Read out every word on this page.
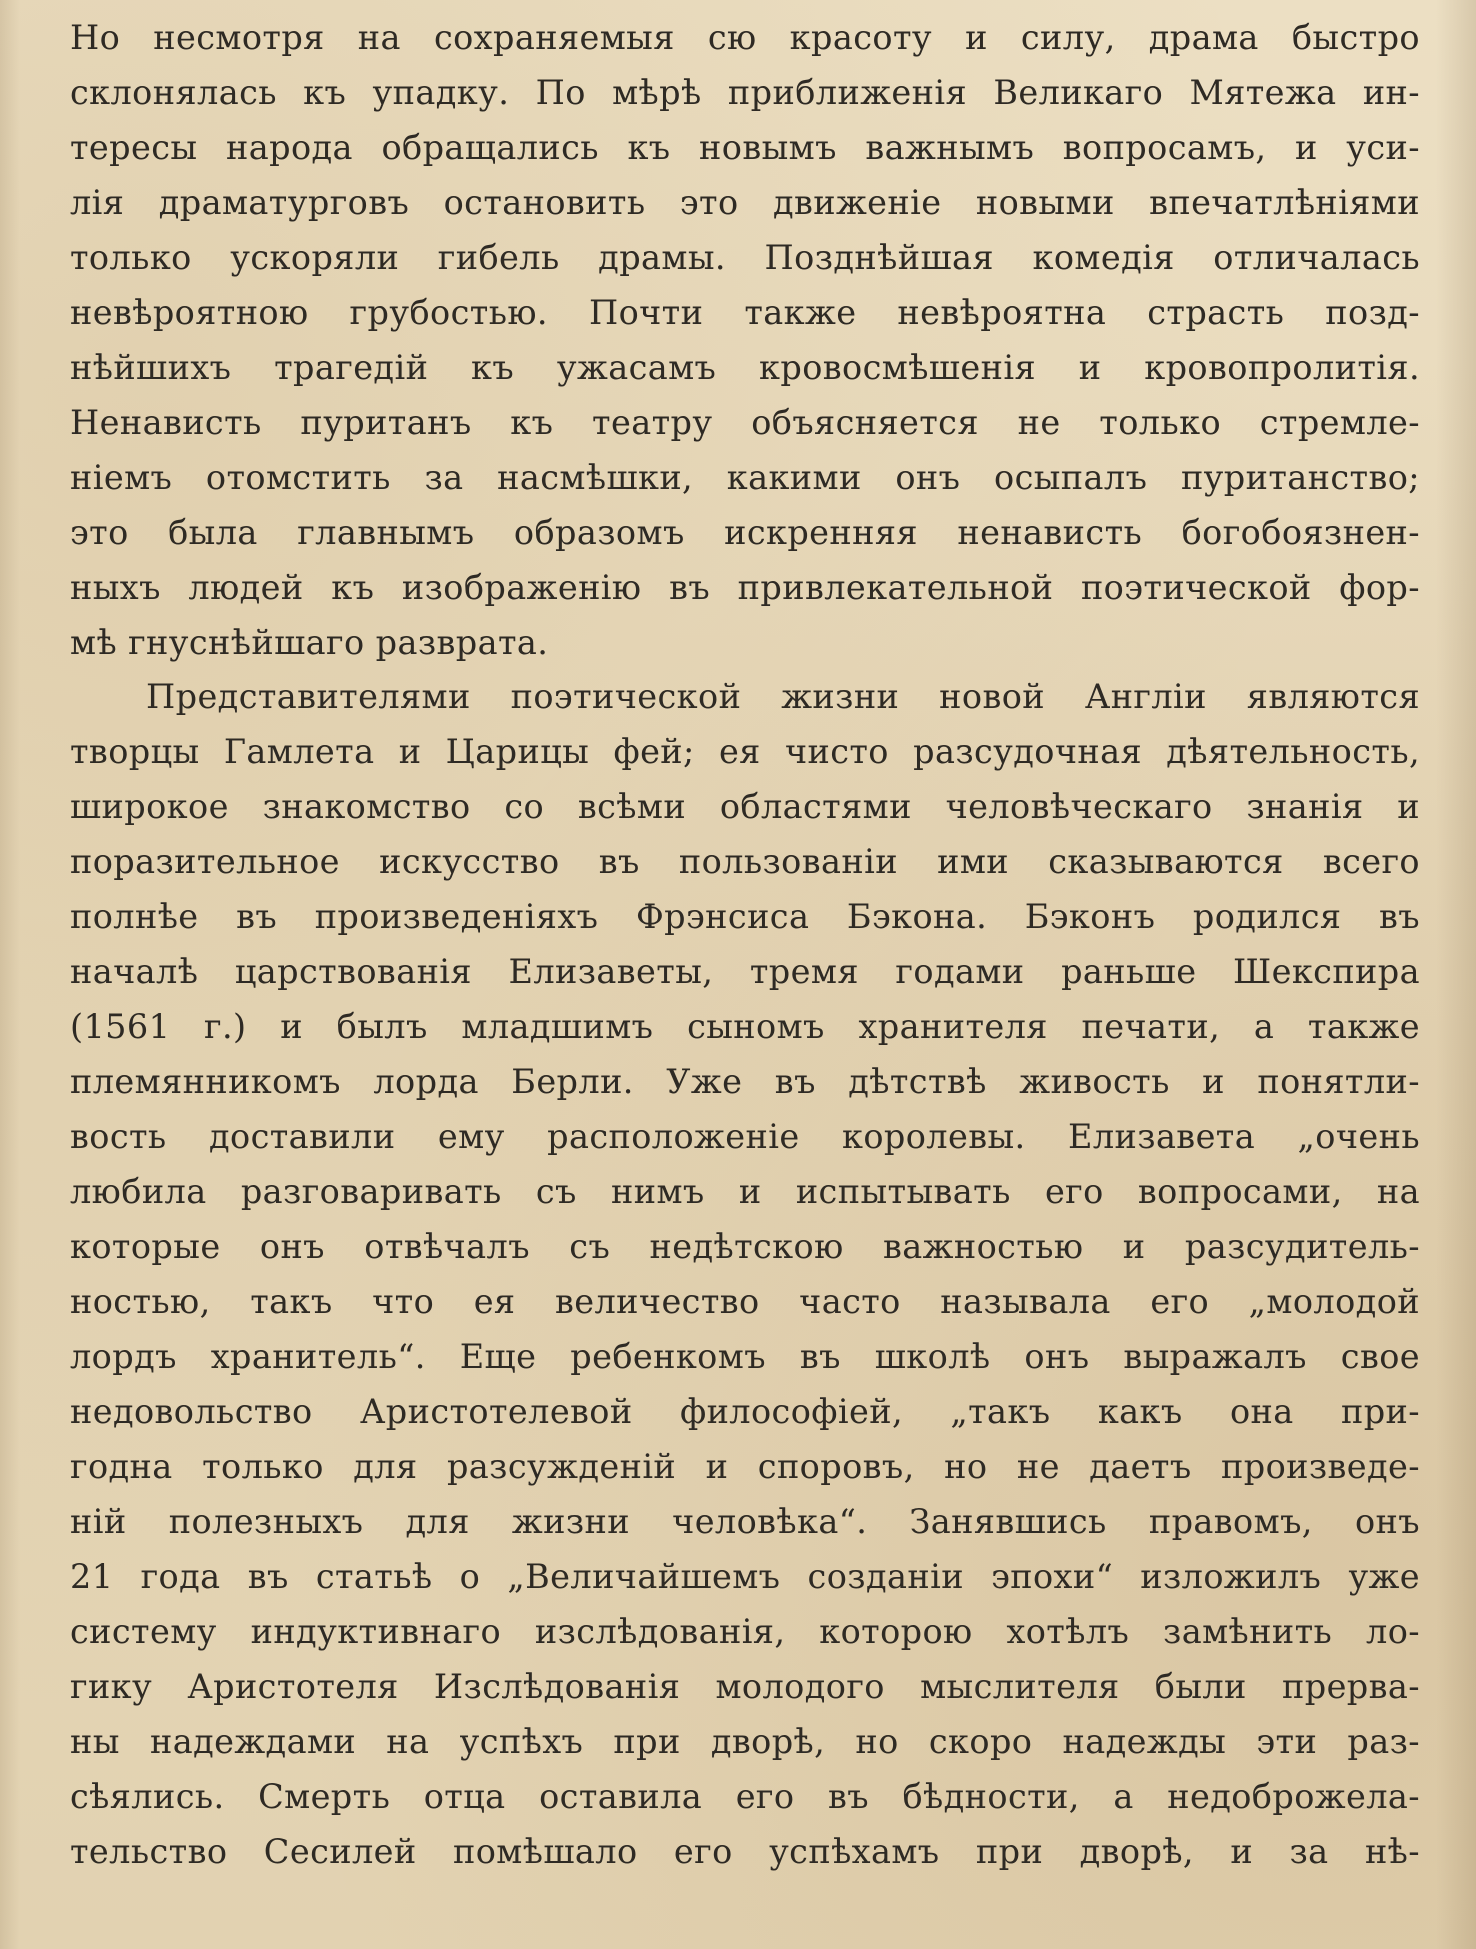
Но несмотря на сохраняемыя сю красоту и силу, драма быстро
склонялась къ упадку. По мѣрѣ приближенія Великаго Мятежа ин-
тересы народа обращались къ новымъ важнымъ вопросамъ, и уси-
лія драматурговъ остановить это движеніе новыми впечатлѣніями
только ускоряли гибель драмы. Позднѣйшая комедія отличалась
невѣроятною грубостью. Почти также невѣроятна страсть позд-
нѣйшихъ трагедій къ ужасамъ кровосмѣшенія и кровопролитія.
Ненависть пуританъ къ театру объясняется не только стремле-
ніемъ отомстить за насмѣшки, какими онъ осыпалъ пуританство;
это была главнымъ образомъ искренняя ненависть богобоязнен-
ныхъ людей къ изображенію въ привлекательной поэтической фор-
мѣ гнуснѣйшаго разврата.
Представителями поэтической жизни новой Англіи являются
творцы Гамлета и Царицы фей; ея чисто разсудочная дѣятельность,
широкое знакомство со всѣми областями человѣческаго знанія и
поразительное искусство въ пользованіи ими сказываются всего
полнѣе въ произведеніяхъ Фрэнсиса Бэкона. Бэконъ родился въ
началѣ царствованія Елизаветы, тремя годами раньше Шекспира
(1561 г.) и былъ младшимъ сыномъ хранителя печати, а также
племянникомъ лорда Берли. Уже въ дѣтствѣ живость и понятли-
вость доставили ему расположеніе королевы. Елизавета „очень
любила разговаривать съ нимъ и испытывать его вопросами, на
которые онъ отвѣчалъ съ недѣтскою важностью и разсудитель-
ностью, такъ что ея величество часто называла его „молодой
лордъ хранитель“. Еще ребенкомъ въ школѣ онъ выражалъ свое
недовольство Аристотелевой философіей, „такъ какъ она при-
годна только для разсужденій и споровъ, но не даетъ произведе-
ній полезныхъ для жизни человѣка“. Занявшись правомъ, онъ
21 года въ статьѣ о „Величайшемъ созданіи эпохи“ изложилъ уже
систему индуктивнаго изслѣдованія, которою хотѣлъ замѣнить ло-
гику Аристотеля Изслѣдованія молодого мыслителя были прерва-
ны надеждами на успѣхъ при дворѣ, но скоро надежды эти раз-
сѣялись. Смерть отца оставила его въ бѣдности, а недоброжела-
тельство Сесилей помѣшало его успѣхамъ при дворѣ, и за нѣ-
